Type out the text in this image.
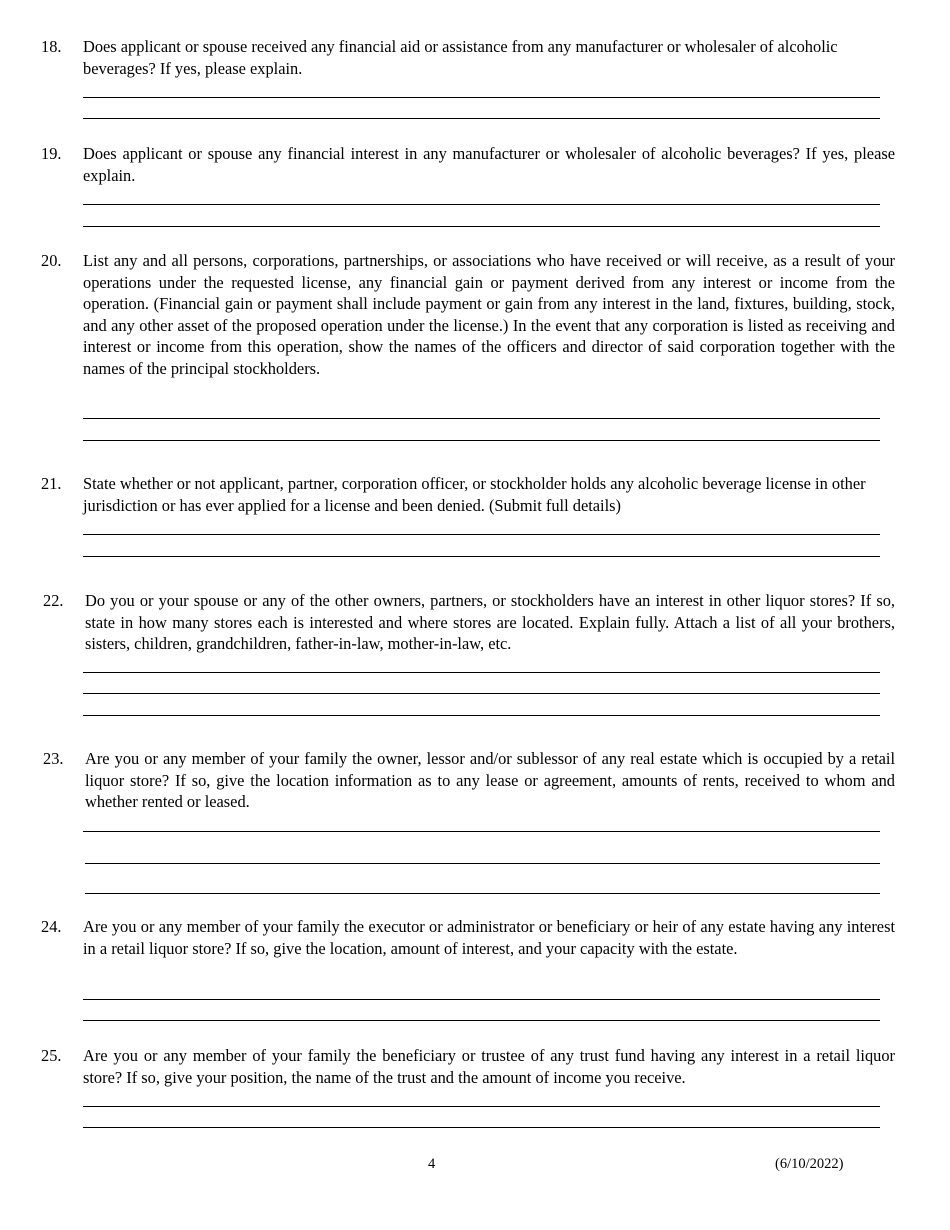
18. Does applicant or spouse received any financial aid or assistance from any manufacturer or wholesaler of alcoholic beverages? If yes, please explain.

19. Does applicant or spouse any financial interest in any manufacturer or wholesaler of alcoholic beverages? If yes, please explain.

20. List any and all persons, corporations, partnerships, or associations who have received or will receive, as a result of your operations under the requested license, any financial gain or payment derived from any interest or income from the operation. (Financial gain or payment shall include payment or gain from any interest in the land, fixtures, building, stock, and any other asset of the proposed operation under the license.) In the event that any corporation is listed as receiving and interest or income from this operation, show the names of the officers and director of said corporation together with the names of the principal stockholders.

21. State whether or not applicant, partner, corporation officer, or stockholder holds any alcoholic beverage license in other jurisdiction or has ever applied for a license and been denied. (Submit full details)

22. Do you or your spouse or any of the other owners, partners, or stockholders have an interest in other liquor stores? If so, state in how many stores each is interested and where stores are located. Explain fully. Attach a list of all your brothers, sisters, children, grandchildren, father-in-law, mother-in-law, etc.

23. Are you or any member of your family the owner, lessor and/or sublessor of any real estate which is occupied by a retail liquor store? If so, give the location information as to any lease or agreement, amounts of rents, received to whom and whether rented or leased.

24. Are you or any member of your family the executor or administrator or beneficiary or heir of any estate having any interest in a retail liquor store? If so, give the location, amount of interest, and your capacity with the estate.

25. Are you or any member of your family the beneficiary or trustee of any trust fund having any interest in a retail liquor store? If so, give your position, the name of the trust and the amount of income you receive.

4	(6/10/2022)
